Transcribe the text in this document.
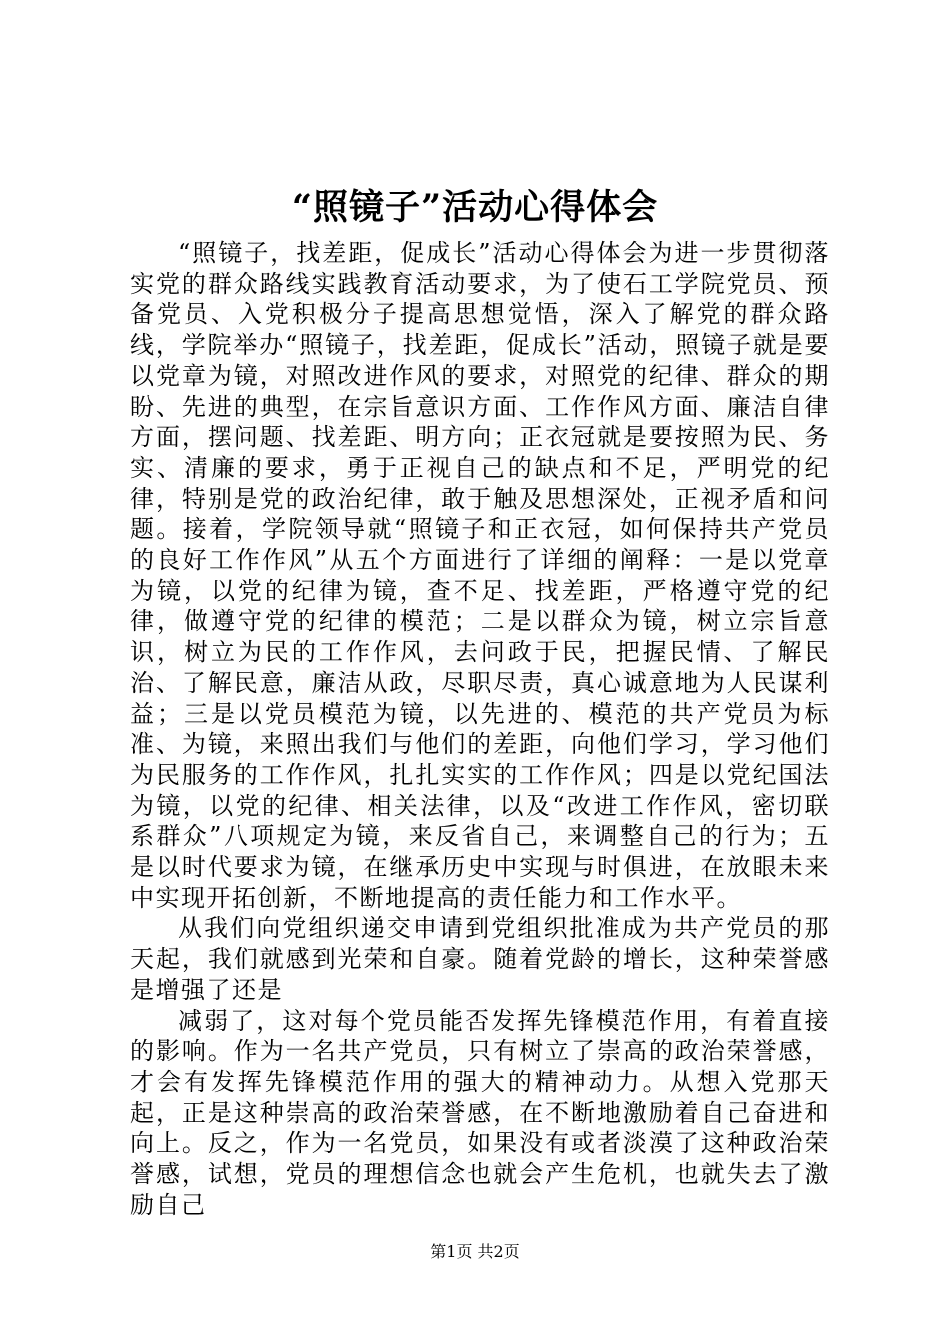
“照镜子”活动心得体会

“照镜子，找差距，促成长”活动心得体会为进一步贯彻落实党的群众路线实践教育活动要求，为了使石工学院党员、预备党员、入党积极分子提高思想觉悟，深入了解党的群众路线，学院举办“照镜子，找差距，促成长”活动，照镜子就是要以党章为镜，对照改进作风的要求，对照党的纪律、群众的期盼、先进的典型，在宗旨意识方面、工作作风方面、廉洁自律方面，摆问题、找差距、明方向；正衣冠就是要按照为民、务实、清廉的要求，勇于正视自己的缺点和不足，严明党的纪律，特别是党的政治纪律，敢于触及思想深处，正视矛盾和问题。接着，学院领导就“照镜子和正衣冠，如何保持共产党员的良好工作作风”从五个方面进行了详细的阐释：一是以党章为镜，以党的纪律为镜，查不足、找差距，严格遵守党的纪律，做遵守党的纪律的模范；二是以群众为镜，树立宗旨意识，树立为民的工作作风，去问政于民，把握民情、了解民治、了解民意，廉洁从政，尽职尽责，真心诚意地为人民谋利益；三是以党员模范为镜，以先进的、模范的共产党员为标准、为镜，来照出我们与他们的差距，向他们学习，学习他们为民服务的工作作风，扎扎实实的工作作风；四是以党纪国法为镜，以党的纪律、相关法律，以及“改进工作作风，密切联系群众”八项规定为镜，来反省自己，来调整自己的行为；五是以时代要求为镜，在继承历史中实现与时俱进，在放眼未来中实现开拓创新，不断地提高的责任能力和工作水平。

从我们向党组织递交申请到党组织批准成为共产党员的那天起，我们就感到光荣和自豪。随着党龄的增长，这种荣誉感是增强了还是

减弱了，这对每个党员能否发挥先锋模范作用，有着直接的影响。作为一名共产党员，只有树立了崇高的政治荣誉感，才会有发挥先锋模范作用的强大的精神动力。从想入党那天起，正是这种崇高的政治荣誉感，在不断地激励着自己奋进和向上。反之，作为一名党员，如果没有或者淡漠了这种政治荣誉感，试想，党员的理想信念也就会产生危机，也就失去了激励自己

第1页 共2页
